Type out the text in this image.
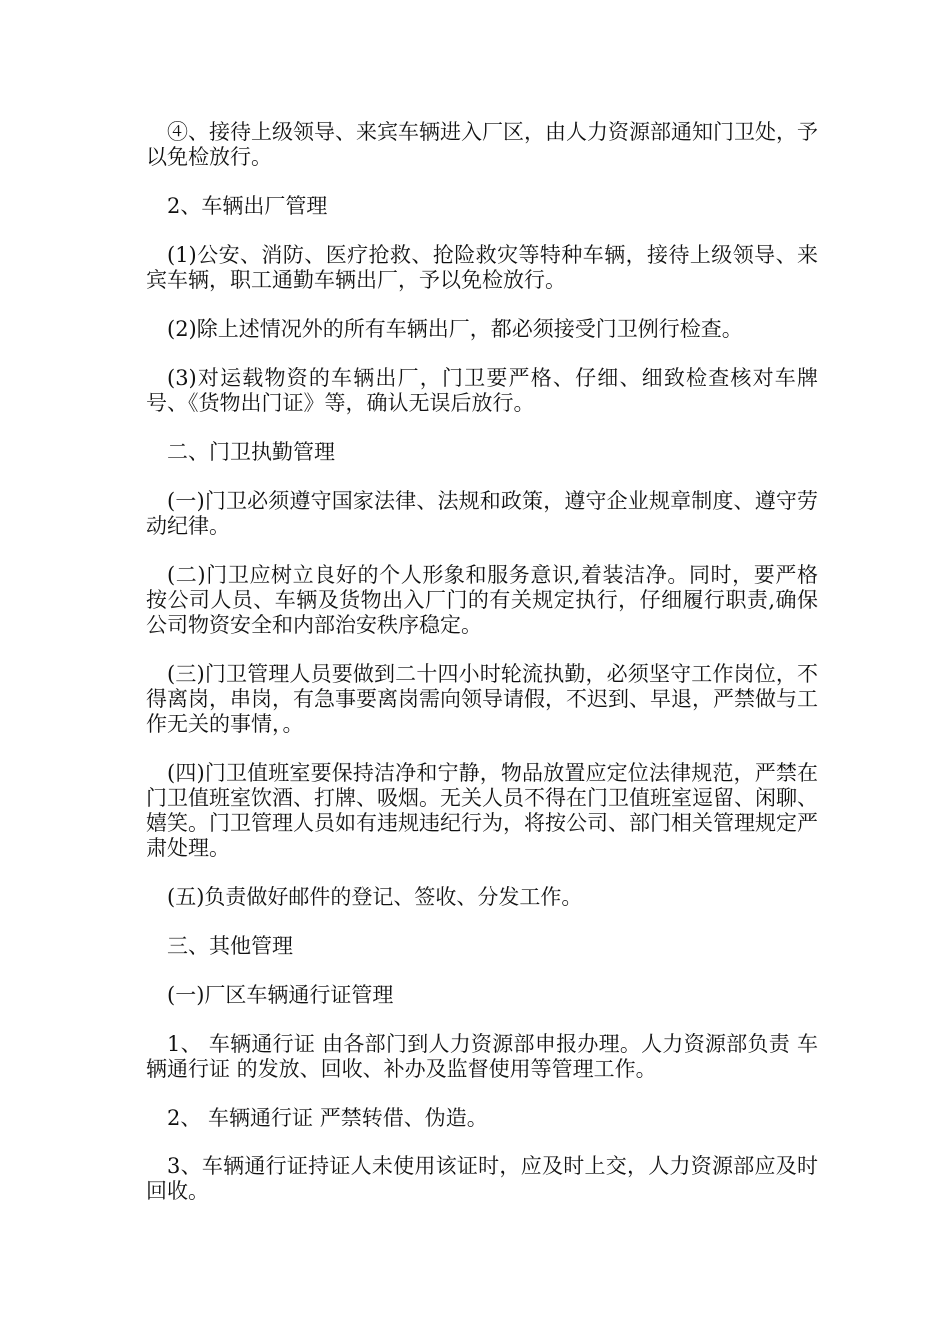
④、接待上级领导、来宾车辆进入厂区，由人力资源部通知门卫处，予以免检放行。

2、车辆出厂管理

(1)公安、消防、医疗抢救、抢险救灾等特种车辆，接待上级领导、来宾车辆，职工通勤车辆出厂，予以免检放行。

(2)除上述情况外的所有车辆出厂，都必须接受门卫例行检查。

(3)对运载物资的车辆出厂，门卫要严格、仔细、细致检查核对车牌号、《货物出门证》等，确认无误后放行。

二、门卫执勤管理

(一)门卫必须遵守国家法律、法规和政策，遵守企业规章制度、遵守劳动纪律。

(二)门卫应树立良好的个人形象和服务意识,着装洁净。同时，要严格按公司人员、车辆及货物出入厂门的有关规定执行，仔细履行职责,确保公司物资安全和内部治安秩序稳定。

(三)门卫管理人员要做到二十四小时轮流执勤，必须坚守工作岗位，不得离岗，串岗，有急事要离岗需向领导请假，不迟到、早退，严禁做与工作无关的事情，。

(四)门卫值班室要保持洁净和宁静，物品放置应定位法律规范，严禁在门卫值班室饮酒、打牌、吸烟。无关人员不得在门卫值班室逗留、闲聊、嬉笑。门卫管理人员如有违规违纪行为，将按公司、部门相关管理规定严肃处理。

(五)负责做好邮件的登记、签收、分发工作。

三、其他管理

(一)厂区车辆通行证管理

1、 车辆通行证 由各部门到人力资源部申报办理。人力资源部负责 车辆通行证 的发放、回收、补办及监督使用等管理工作。

2、 车辆通行证 严禁转借、伪造。

3、车辆通行证持证人未使用该证时，应及时上交，人力资源部应及时回收。
